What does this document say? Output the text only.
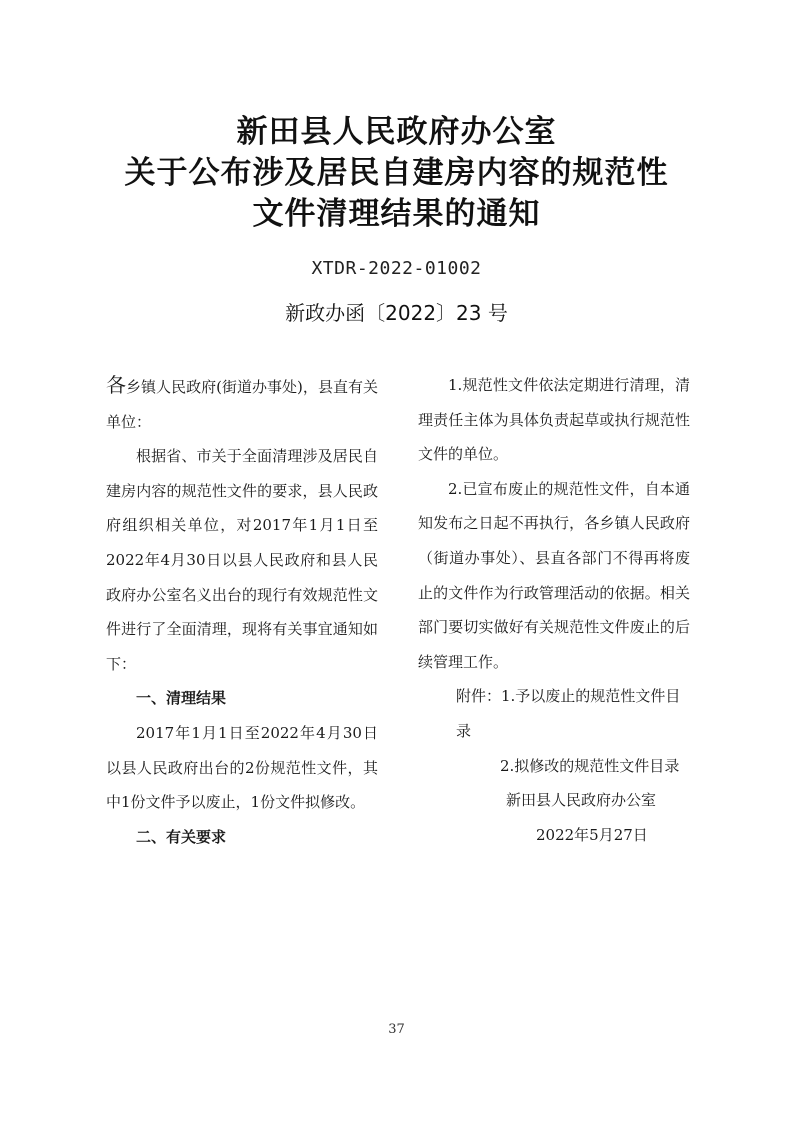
新田县人民政府办公室
关于公布涉及居民自建房内容的规范性
文件清理结果的通知
XTDR-2022-01002
新政办函〔2022〕23 号

各乡镇人民政府(街道办事处)，县直有关单位：

根据省、市关于全面清理涉及居民自建房内容的规范性文件的要求，县人民政府组织相关单位，对2017年1月1日至2022年4月30日以县人民政府和县人民政府办公室名义出台的现行有效规范性文件进行了全面清理，现将有关事宜通知如下：

一、清理结果

2017年1月1日至2022年4月30日以县人民政府出台的2份规范性文件，其中1份文件予以废止，1份文件拟修改。

二、有关要求

1.规范性文件依法定期进行清理，清理责任主体为具体负责起草或执行规范性文件的单位。

2.已宣布废止的规范性文件，自本通知发布之日起不再执行，各乡镇人民政府（街道办事处）、县直各部门不得再将废止的文件作为行政管理活动的依据。相关部门要切实做好有关规范性文件废止的后续管理工作。

附件：1.予以废止的规范性文件目录

2.拟修改的规范性文件目录

新田县人民政府办公室

2022年5月27日

37
